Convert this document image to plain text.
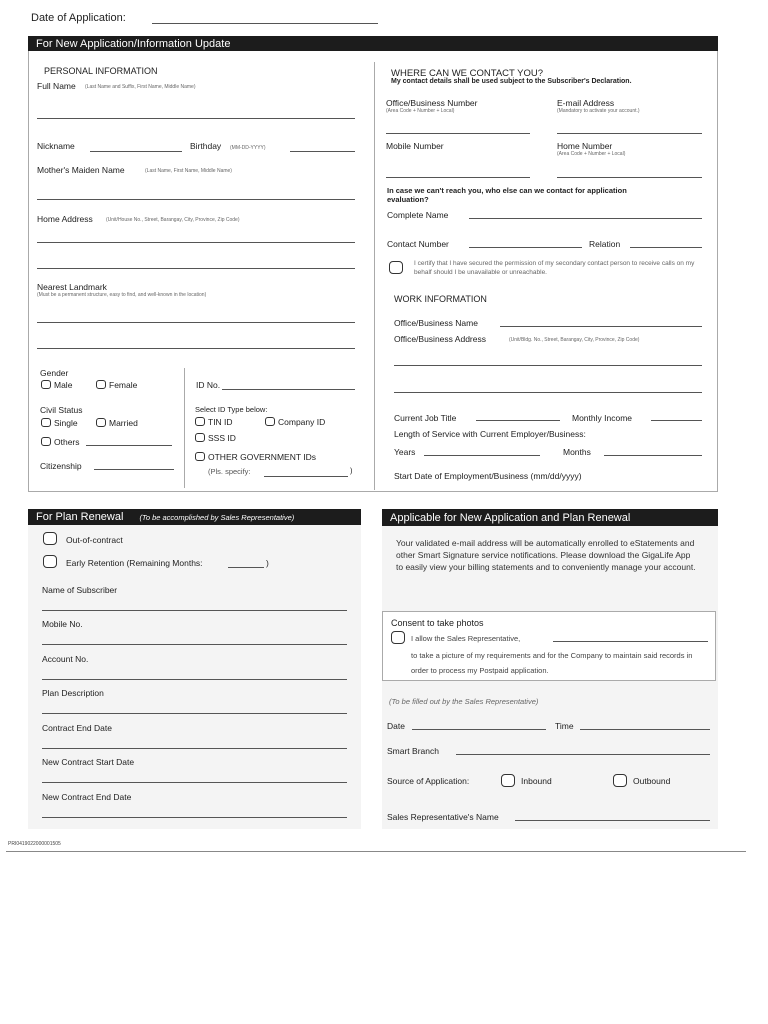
Date of Application:
For New Application/Information Update
PERSONAL INFORMATION
Full Name (Last Name and Suffix, First Name, Middle Name)
Nickname	Birthday (MM-DD-YYYY)
Mother's Maiden Name	(Last Name, First Name, Middle Name)
Home Address	(Unit/House No., Street, Barangay, City, Province, Zip Code)
Nearest Landmark
(Must be a permanent structure, easy to find, and well-known in the location)
Gender
Male	Female
Civil Status
Single	Married
Others
Citizenship
ID No.
Select ID Type below:
TIN ID	Company ID
SSS ID
OTHER GOVERNMENT IDs
(Pls. specify:	)
WHERE CAN WE CONTACT YOU?
My contact details shall be used subject to the Subscriber's Declaration.
Office/Business Number
(Area Code + Number + Local)
E-mail Address
(Mandatory to activate your account.)
Mobile Number	Home Number
(Area Code + Number + Local)
In case we can't reach you, who else can we contact for application evaluation?
Complete Name
Contact Number	Relation
I certify that I have secured the permission of my secondary contact person to receive calls on my behalf should I be unavailable or unreachable.
WORK INFORMATION
Office/Business Name
Office/Business Address	(Unit/Bldg. No., Street, Barangay, City, Province, Zip Code)
Current Job Title	Monthly Income
Length of Service with Current Employer/Business:
Years	Months
Start Date of Employment/Business (mm/dd/yyyy)
For Plan Renewal (To be accomplished by Sales Representative)
Out-of-contract
Early Retention (Remaining Months:	)
Name of Subscriber
Mobile No.
Account No.
Plan Description
Contract End Date
New Contract Start Date
New Contract End Date
Applicable for New Application and Plan Renewal
Your validated e-mail address will be automatically enrolled to eStatements and other Smart Signature service notifications. Please download the GigaLife App to easily view your billing statements and to conveniently manage your account.
Consent to take photos
I allow the Sales Representative,
to take a picture of my requirements and for the Company to maintain said records in order to process my Postpaid application.
(To be filled out by the Sales Representative)
Date	Time
Smart Branch
Source of Application:	Inbound	Outbound
Sales Representative's Name
PRI0419022000001505
